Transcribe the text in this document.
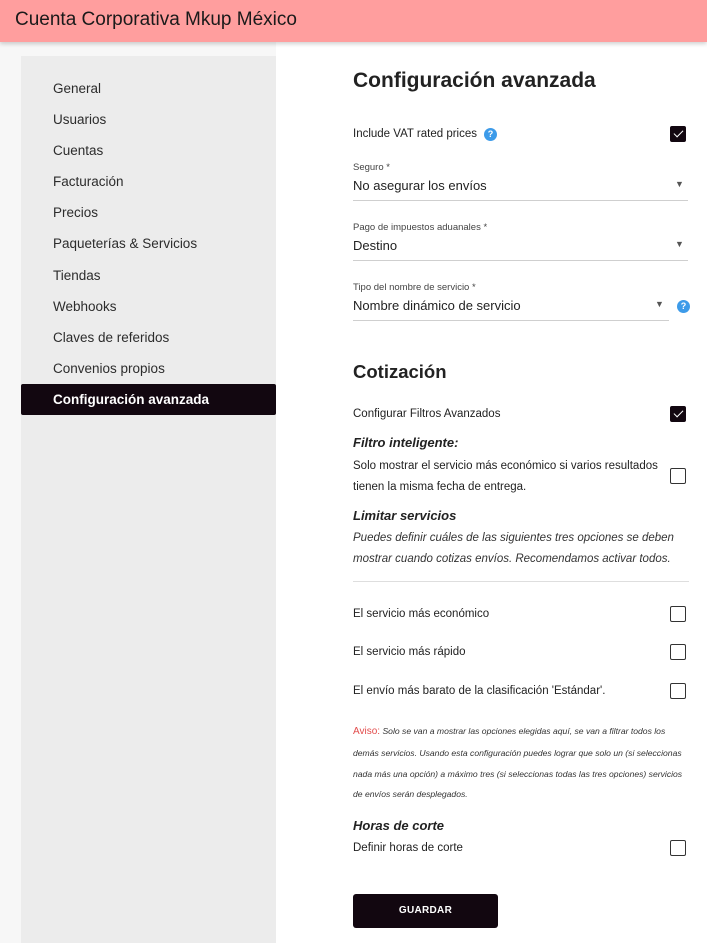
Cuenta Corporativa Mkup México
General
Usuarios
Cuentas
Facturación
Precios
Paqueterías & Servicios
Tiendas
Webhooks
Claves de referidos
Convenios propios
Configuración avanzada
Configuración avanzada
Include VAT rated prices	?
Seguro *
No asegurar los envíos	▼
Pago de impuestos aduanales *
Destino	▼
Tipo del nombre de servicio *
Nombre dinámico de servicio	▼	?
Cotización
Configurar Filtros Avanzados
Filtro inteligente:
Solo mostrar el servicio más económico si varios resultados
tienen la misma fecha de entrega.
Limitar servicios
Puedes definir cuáles de las siguientes tres opciones se deben
mostrar cuando cotizas envíos. Recomendamos activar todos.
El servicio más económico
El servicio más rápido
El envío más barato de la clasificación 'Estándar'.
Aviso: Solo se van a mostrar las opciones elegidas aquí, se van a filtrar todos los
demás servicios. Usando esta configuración puedes lograr que solo un (si seleccionas
nada más una opción) a máximo tres (si seleccionas todas las tres opciones) servicios
de envíos serán desplegados.
Horas de corte
Definir horas de corte
GUARDAR
